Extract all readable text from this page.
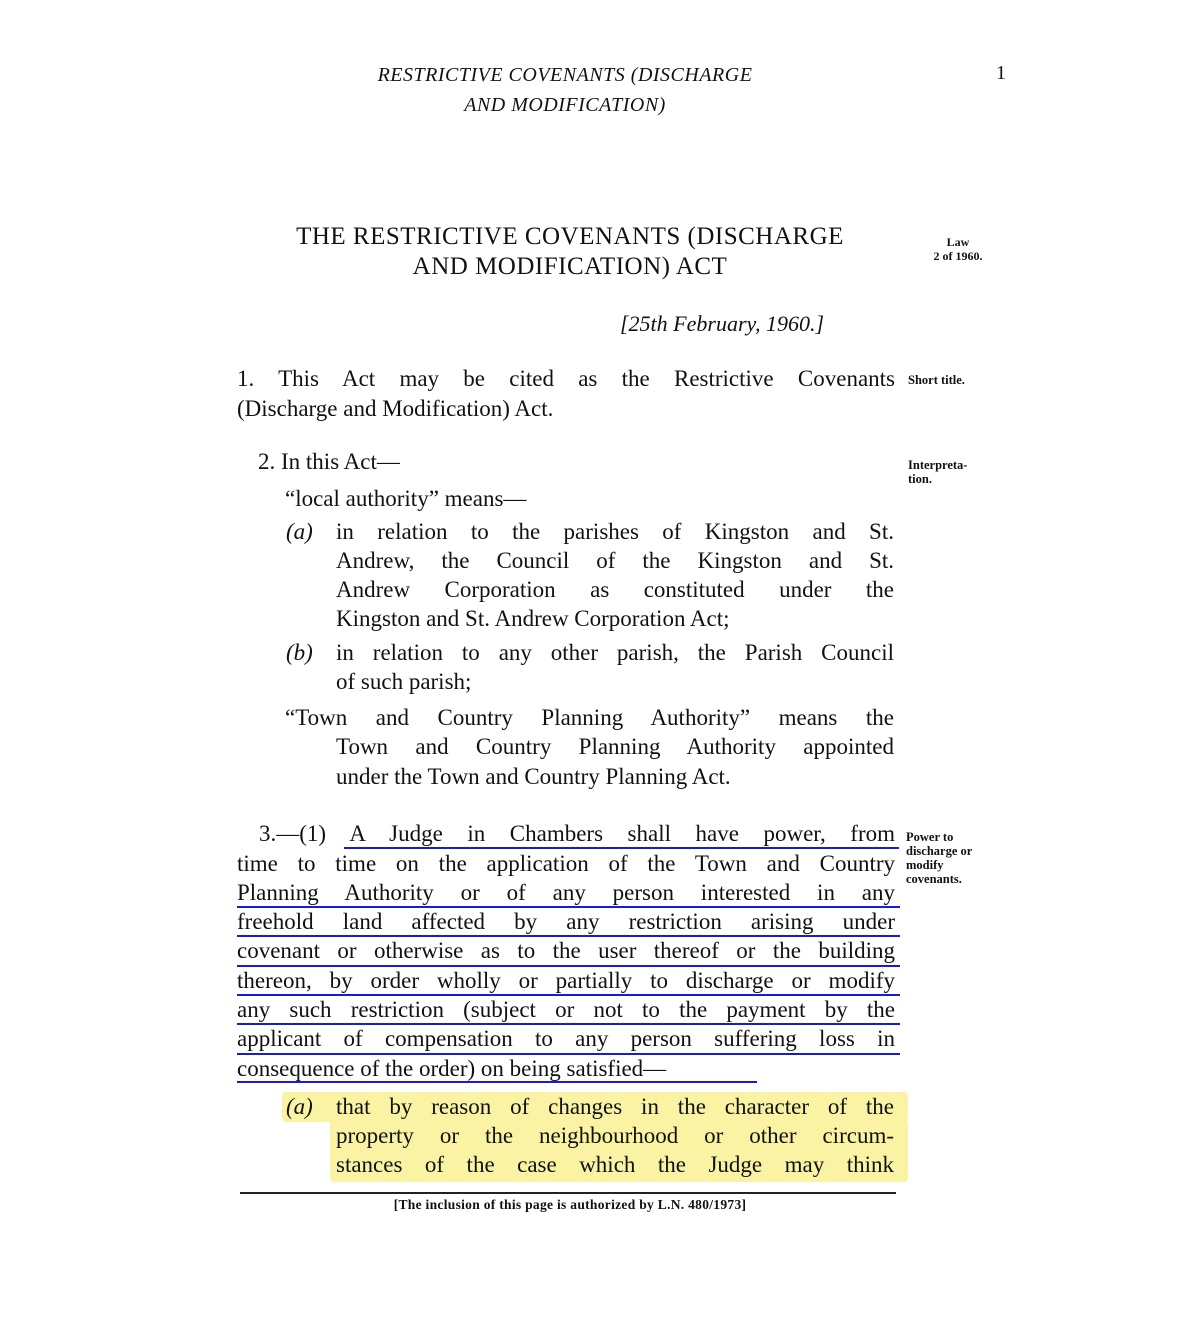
RESTRICTIVE COVENANTS (DISCHARGE
AND MODIFICATION)
1
THE RESTRICTIVE COVENANTS (DISCHARGE
AND MODIFICATION) ACT
Law
2 of 1960.
[25th February, 1960.]
1. This Act may be cited as the Restrictive Covenants
(Discharge and Modification) Act.
Short title.
2. In this Act—	Interpreta-
tion.
“local authority” means—
(a) in relation to the parishes of Kingston and St.
Andrew, the Council of the Kingston and St.
Andrew Corporation as constituted under the
Kingston and St. Andrew Corporation Act;
(b) in relation to any other parish, the Parish Council
of such parish;
“Town and Country Planning Authority” means the
Town and Country Planning Authority appointed
under the Town and Country Planning Act.
Power to
discharge or
modify
covenants.
3.—(1) A Judge in Chambers shall have power, from
time to time on the application of the Town and Country
Planning Authority or of any person interested in any
freehold land affected by any restriction arising under
covenant or otherwise as to the user thereof or the building
thereon, by order wholly or partially to discharge or modify
any such restriction (subject or not to the payment by the
applicant of compensation to any person suffering loss in
consequence of the order) on being satisfied—
(a) that by reason of changes in the character of the
property or the neighbourhood or other circum-
stances of the case which the Judge may think
[The inclusion of this page is authorized by L.N. 480/1973]
